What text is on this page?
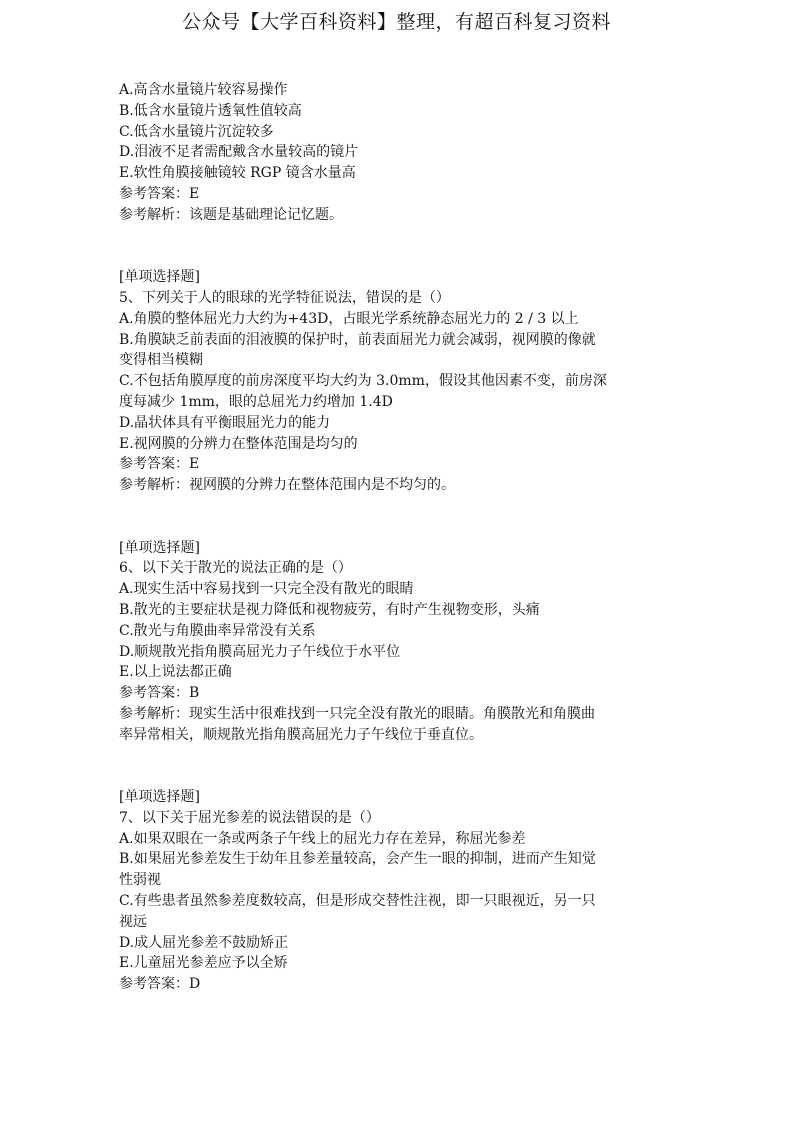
公众号【大学百科资料】整理，有超百科复习资料
A.高含水量镜片较容易操作
B.低含水量镜片透氧性值较高
C.低含水量镜片沉淀较多
D.泪液不足者需配戴含水量较高的镜片
E.软性角膜接触镜较 RGP 镜含水量高
参考答案：E
参考解析：该题是基础理论记忆题。
[单项选择题]
5、下列关于人的眼球的光学特征说法，错误的是（）
A.角膜的整体屈光力大约为+43D，占眼光学系统静态屈光力的 2 / 3 以上
B.角膜缺乏前表面的泪液膜的保护时，前表面屈光力就会减弱，视网膜的像就
变得相当模糊
C.不包括角膜厚度的前房深度平均大约为 3.0mm，假设其他因素不变，前房深
度每减少 1mm，眼的总屈光力约增加 1.4D
D.晶状体具有平衡眼屈光力的能力
E.视网膜的分辨力在整体范围是均匀的
参考答案：E
参考解析：视网膜的分辨力在整体范围内是不均匀的。
[单项选择题]
6、以下关于散光的说法正确的是（）
A.现实生活中容易找到一只完全没有散光的眼睛
B.散光的主要症状是视力降低和视物疲劳，有时产生视物变形，头痛
C.散光与角膜曲率异常没有关系
D.顺规散光指角膜高屈光力子午线位于水平位
E.以上说法都正确
参考答案：B
参考解析：现实生活中很难找到一只完全没有散光的眼睛。角膜散光和角膜曲
率异常相关，顺规散光指角膜高屈光力子午线位于垂直位。
[单项选择题]
7、以下关于屈光参差的说法错误的是（）
A.如果双眼在一条或两条子午线上的屈光力存在差异，称屈光参差
B.如果屈光参差发生于幼年且参差量较高，会产生一眼的抑制，进而产生知觉
性弱视
C.有些患者虽然参差度数较高，但是形成交替性注视，即一只眼视近，另一只
视远
D.成人屈光参差不鼓励矫正
E.儿童屈光参差应予以全矫
参考答案：D
